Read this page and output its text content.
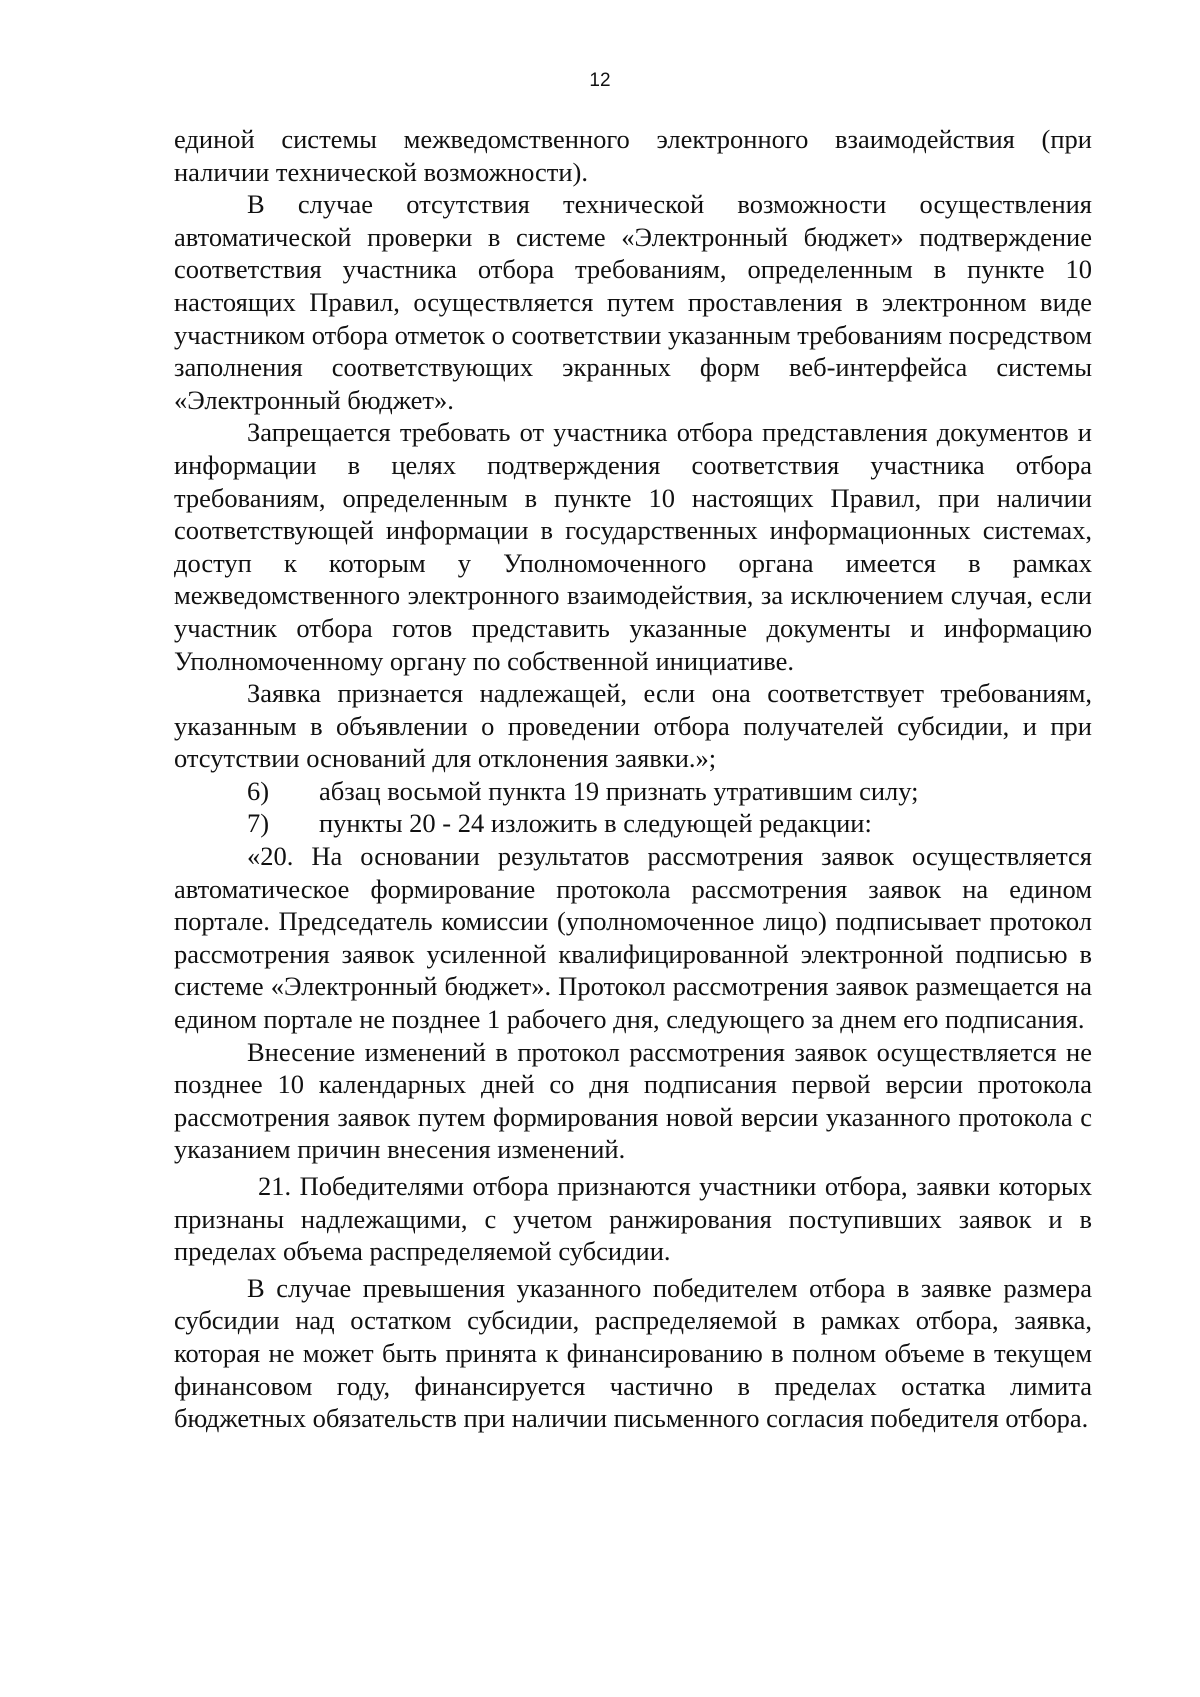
12

единой системы межведомственного электронного взаимодействия (при наличии технической возможности).

В случае отсутствия технической возможности осуществления автоматической проверки в системе «Электронный бюджет» подтверждение соответствия участника отбора требованиям, определенным в пункте 10 настоящих Правил, осуществляется путем проставления в электронном виде участником отбора отметок о соответствии указанным требованиям посредством заполнения соответствующих экранных форм веб-интерфейса системы «Электронный бюджет».

Запрещается требовать от участника отбора представления документов и информации в целях подтверждения соответствия участника отбора требованиям, определенным в пункте 10 настоящих Правил, при наличии соответствующей информации в государственных информационных системах, доступ к которым у Уполномоченного органа имеется в рамках межведомственного электронного взаимодействия, за исключением случая, если участник отбора готов представить указанные документы и информацию Уполномоченному органу по собственной инициативе.

Заявка признается надлежащей, если она соответствует требованиям, указанным в объявлении о проведении отбора получателей субсидии, и при отсутствии оснований для отклонения заявки.»;

6)	абзац восьмой пункта 19 признать утратившим силу;
7)	пункты 20 - 24 изложить в следующей редакции:

«20. На основании результатов рассмотрения заявок осуществляется автоматическое формирование протокола рассмотрения заявок на едином портале. Председатель комиссии (уполномоченное лицо) подписывает протокол рассмотрения заявок усиленной квалифицированной электронной подписью в системе «Электронный бюджет». Протокол рассмотрения заявок размещается на едином портале не позднее 1 рабочего дня, следующего за днем его подписания.

Внесение изменений в протокол рассмотрения заявок осуществляется не позднее 10 календарных дней со дня подписания первой версии протокола рассмотрения заявок путем формирования новой версии указанного протокола с указанием причин внесения изменений.

21. Победителями отбора признаются участники отбора, заявки которых признаны надлежащими, с учетом ранжирования поступивших заявок и в пределах объема распределяемой субсидии.

В случае превышения указанного победителем отбора в заявке размера субсидии над остатком субсидии, распределяемой в рамках отбора, заявка, которая не может быть принята к финансированию в полном объеме в текущем финансовом году, финансируется частично в пределах остатка лимита бюджетных обязательств при наличии письменного согласия победителя отбора.
